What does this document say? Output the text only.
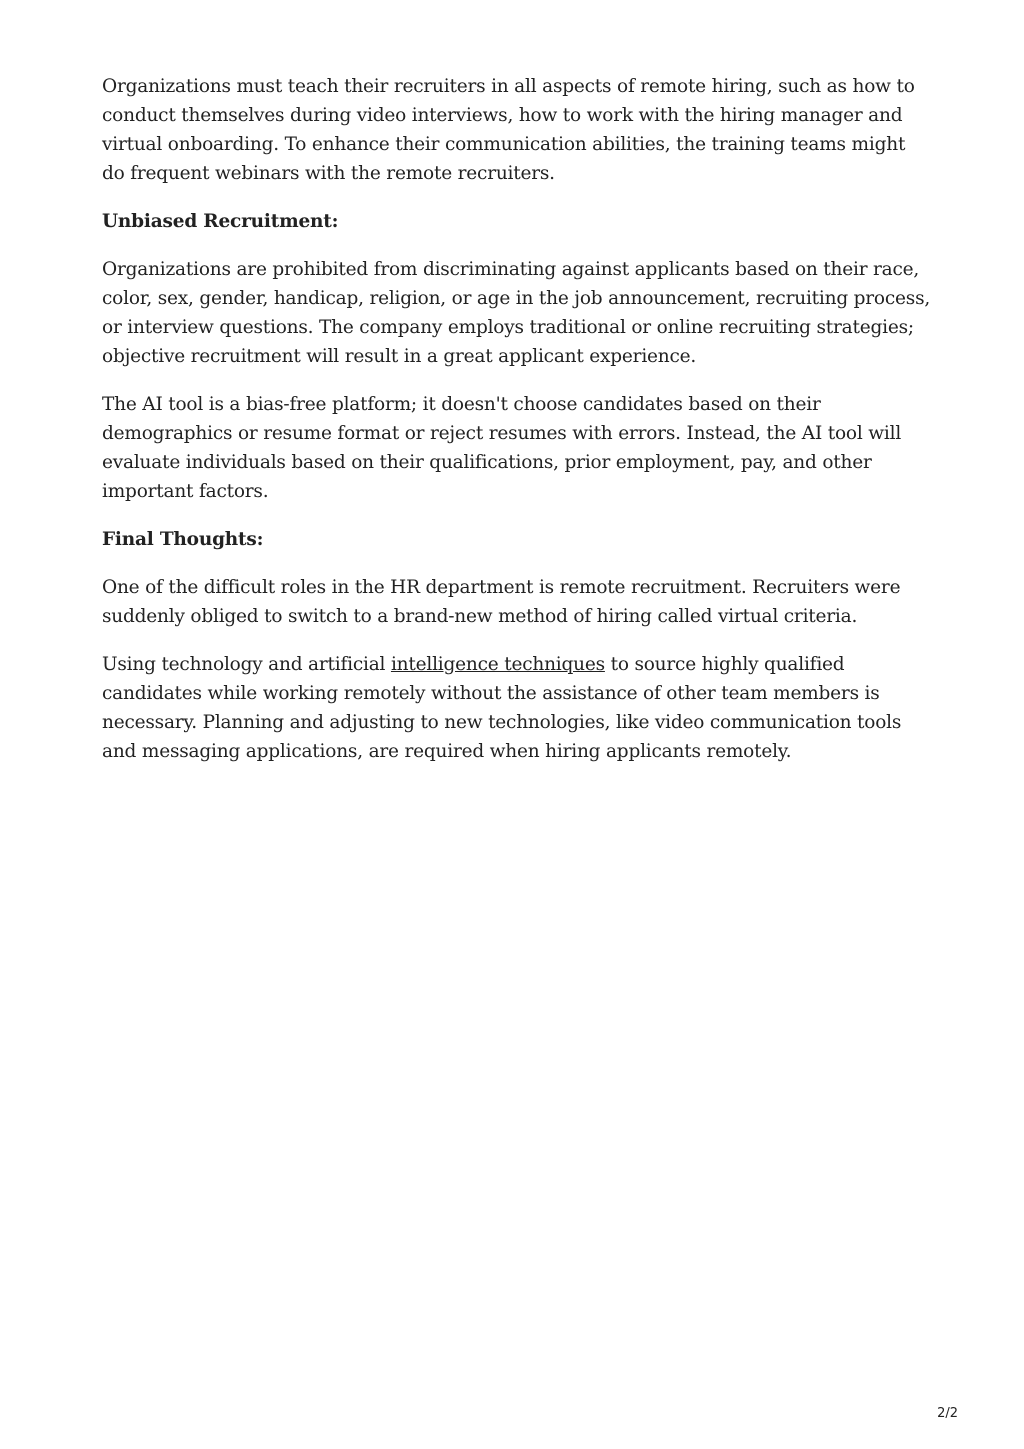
Organizations must teach their recruiters in all aspects of remote hiring, such as how to conduct themselves during video interviews, how to work with the hiring manager and virtual onboarding. To enhance their communication abilities, the training teams might do frequent webinars with the remote recruiters.

Unbiased Recruitment:

Organizations are prohibited from discriminating against applicants based on their race, color, sex, gender, handicap, religion, or age in the job announcement, recruiting process, or interview questions. The company employs traditional or online recruiting strategies; objective recruitment will result in a great applicant experience.

The AI tool is a bias-free platform; it doesn't choose candidates based on their demographics or resume format or reject resumes with errors. Instead, the AI tool will evaluate individuals based on their qualifications, prior employment, pay, and other important factors.

Final Thoughts:

One of the difficult roles in the HR department is remote recruitment. Recruiters were suddenly obliged to switch to a brand-new method of hiring called virtual criteria.

Using technology and artificial intelligence techniques to source highly qualified candidates while working remotely without the assistance of other team members is necessary. Planning and adjusting to new technologies, like video communication tools and messaging applications, are required when hiring applicants remotely.

2/2
